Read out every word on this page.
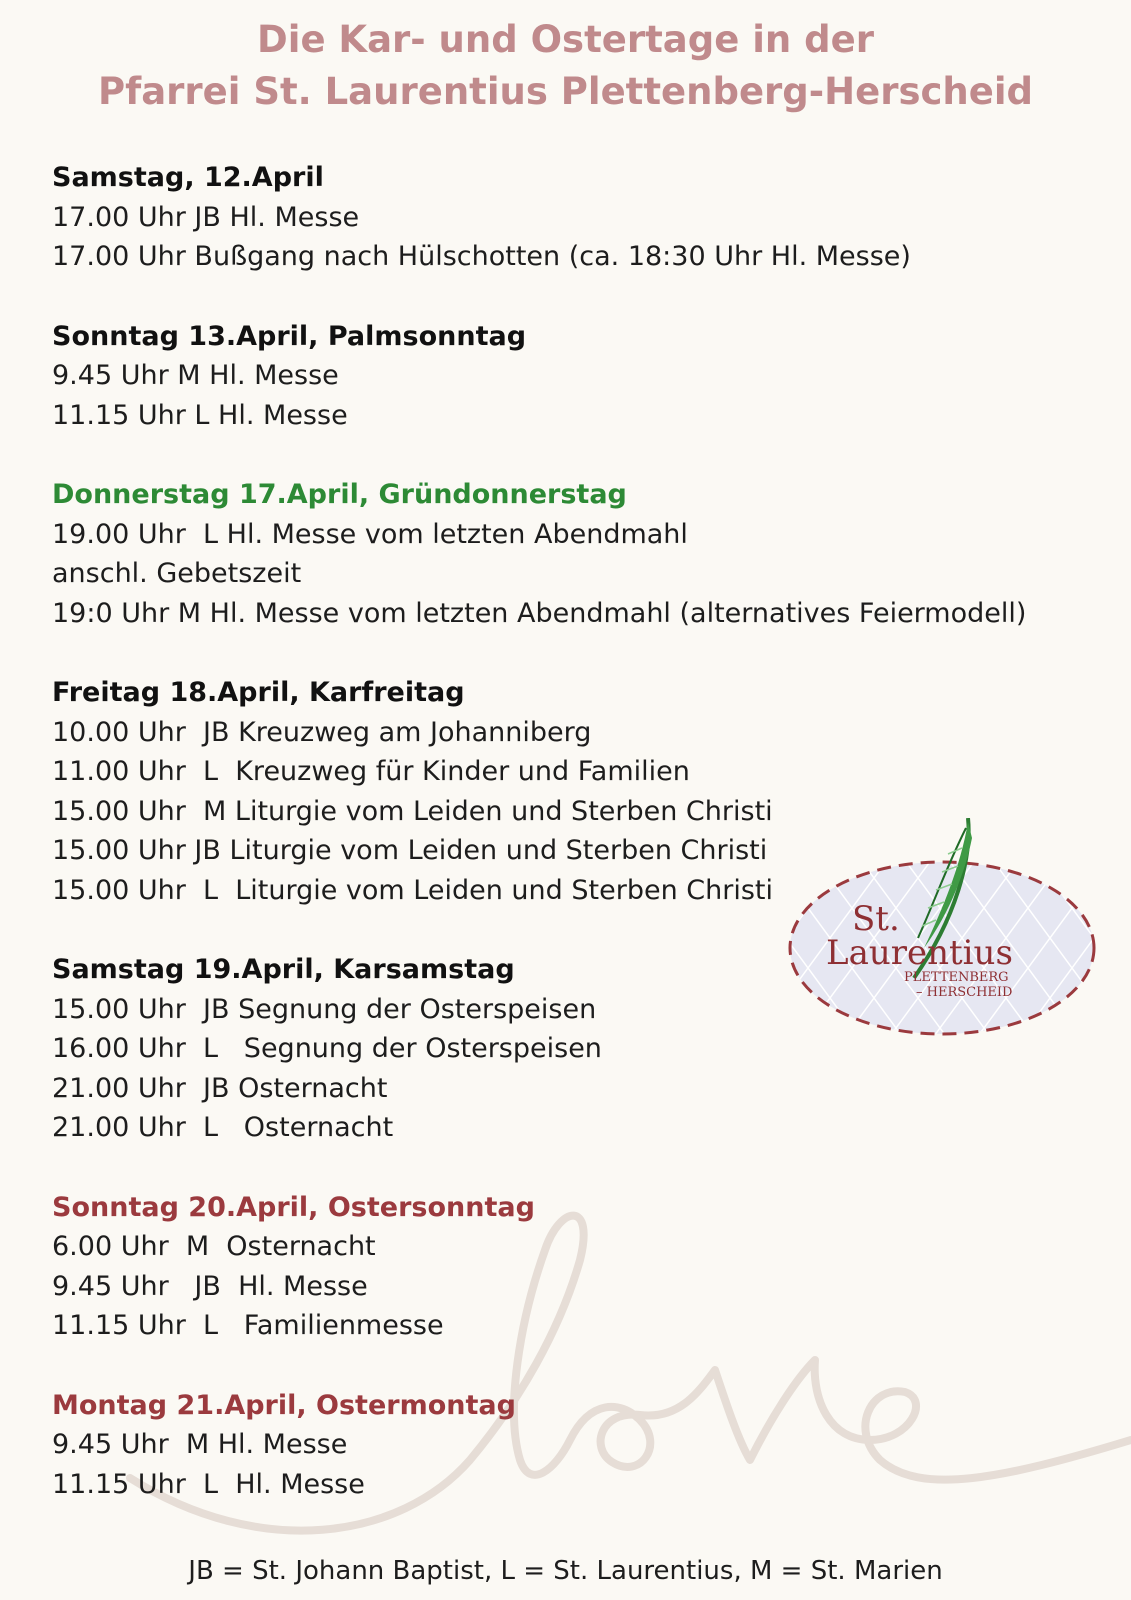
Die Kar- und Ostertage in der
Pfarrei St. Laurentius Plettenberg-Herscheid
Samstag, 12.April
17.00 Uhr JB Hl. Messe
17.00 Uhr Bußgang nach Hülschotten (ca. 18:30 Uhr Hl. Messe)
Sonntag 13.April, Palmsonntag
9.45 Uhr M Hl. Messe
11.15 Uhr L Hl. Messe
Donnerstag 17.April, Gründonnerstag
19.00 Uhr  L Hl. Messe vom letzten Abendmahl
anschl. Gebetszeit
19:0 Uhr M Hl. Messe vom letzten Abendmahl (alternatives Feiermodell)
Freitag 18.April, Karfreitag
10.00 Uhr  JB Kreuzweg am Johanniberg
11.00 Uhr  L  Kreuzweg für Kinder und Familien
15.00 Uhr  M Liturgie vom Leiden und Sterben Christi
15.00 Uhr JB Liturgie vom Leiden und Sterben Christi
15.00 Uhr  L  Liturgie vom Leiden und Sterben Christi
Samstag 19.April, Karsamstag
15.00 Uhr  JB Segnung der Osterspeisen
16.00 Uhr  L   Segnung der Osterspeisen
21.00 Uhr  JB Osternacht
21.00 Uhr  L   Osternacht
Sonntag 20.April, Ostersonntag
6.00 Uhr  M  Osternacht
9.45 Uhr   JB  Hl. Messe
11.15 Uhr  L   Familienmesse
Montag 21.April, Ostermontag
9.45 Uhr  M Hl. Messe
11.15 Uhr  L  Hl. Messe
St.
Laurentius
PLETTENBERG
– HERSCHEID
JB = St. Johann Baptist, L = St. Laurentius, M = St. Marien
